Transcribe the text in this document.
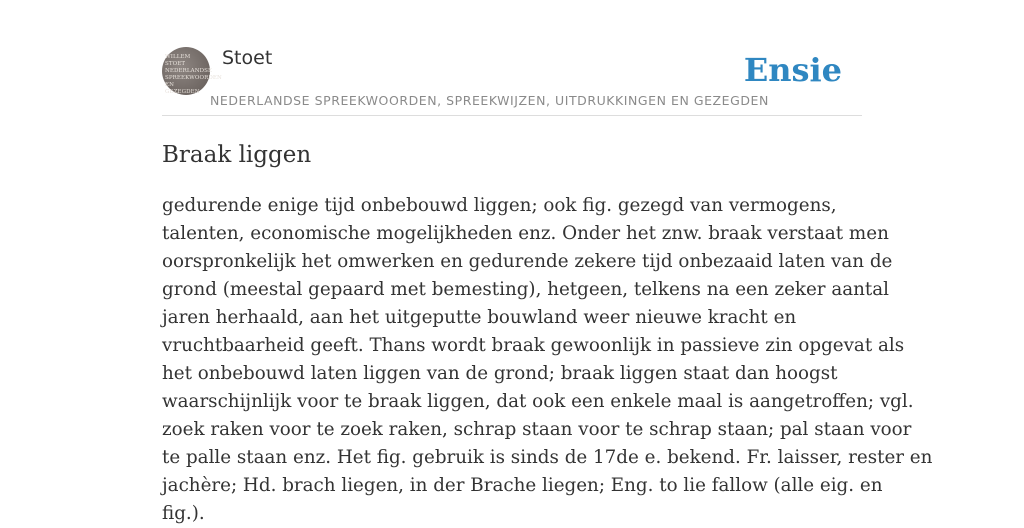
WILLEM STOET NEDERLANDSE SPREEKWOORDEN EN GEZEGDEN
Stoet
NEDERLANDSE SPREEKWOORDEN, SPREEKWIJZEN, UITDRUKKINGEN EN GEZEGDEN
Ensie
Braak liggen
gedurende enige tijd onbebouwd liggen; ook fig. gezegd van vermogens,
talenten, economische mogelijkheden enz. Onder het znw. braak verstaat men
oorspronkelijk het omwerken en gedurende zekere tijd onbezaaid laten van de
grond (meestal gepaard met bemesting), hetgeen, telkens na een zeker aantal
jaren herhaald, aan het uitgeputte bouwland weer nieuwe kracht en
vruchtbaarheid geeft. Thans wordt braak gewoonlijk in passieve zin opgevat als
het onbebouwd laten liggen van de grond; braak liggen staat dan hoogst
waarschijnlijk voor te braak liggen, dat ook een enkele maal is aangetroffen; vgl.
zoek raken voor te zoek raken, schrap staan voor te schrap staan; pal staan voor
te palle staan enz. Het fig. gebruik is sinds de 17de e. bekend. Fr. laisser, rester en
jachère; Hd. brach liegen, in der Brache liegen; Eng. to lie fallow (alle eig. en
fig.).
